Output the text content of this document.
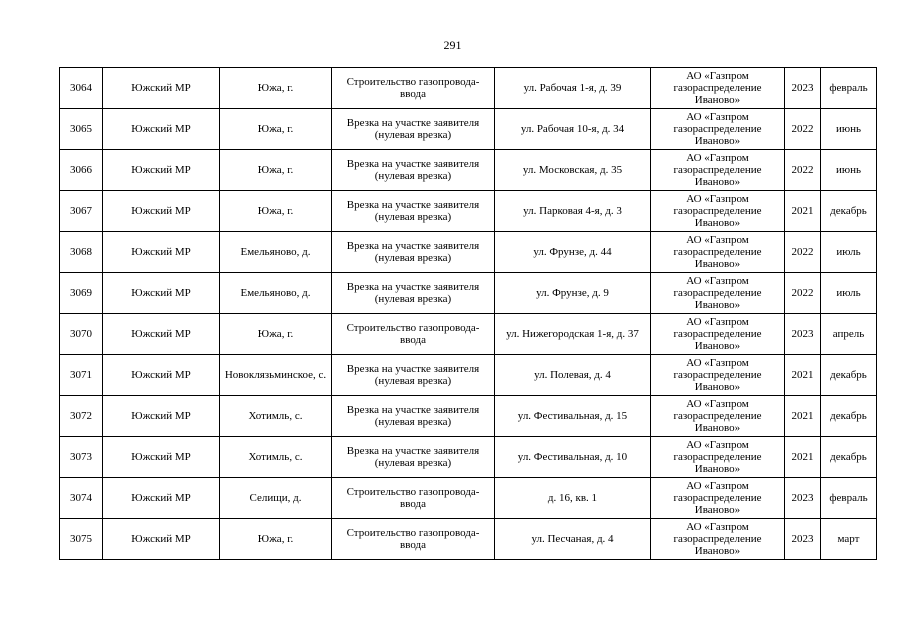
291
3064	Южский МР	Южа, г.	Строительство газопровода-ввода	ул. Рабочая 1-я, д. 39	АО «Газпром газораспределение Иваново»	2023	февраль
3065	Южский МР	Южа, г.	Врезка на участке заявителя (нулевая врезка)	ул. Рабочая 10-я, д. 34	АО «Газпром газораспределение Иваново»	2022	июнь
3066	Южский МР	Южа, г.	Врезка на участке заявителя (нулевая врезка)	ул. Московская, д. 35	АО «Газпром газораспределение Иваново»	2022	июнь
3067	Южский МР	Южа, г.	Врезка на участке заявителя (нулевая врезка)	ул. Парковая 4-я, д. 3	АО «Газпром газораспределение Иваново»	2021	декабрь
3068	Южский МР	Емельяново, д.	Врезка на участке заявителя (нулевая врезка)	ул. Фрунзе, д. 44	АО «Газпром газораспределение Иваново»	2022	июль
3069	Южский МР	Емельяново, д.	Врезка на участке заявителя (нулевая врезка)	ул. Фрунзе, д. 9	АО «Газпром газораспределение Иваново»	2022	июль
3070	Южский МР	Южа, г.	Строительство газопровода-ввода	ул. Нижегородская 1-я, д. 37	АО «Газпром газораспределение Иваново»	2023	апрель
3071	Южский МР	Новоклязьминское, с.	Врезка на участке заявителя (нулевая врезка)	ул. Полевая, д. 4	АО «Газпром газораспределение Иваново»	2021	декабрь
3072	Южский МР	Хотимль, с.	Врезка на участке заявителя (нулевая врезка)	ул. Фестивальная, д. 15	АО «Газпром газораспределение Иваново»	2021	декабрь
3073	Южский МР	Хотимль, с.	Врезка на участке заявителя (нулевая врезка)	ул. Фестивальная, д. 10	АО «Газпром газораспределение Иваново»	2021	декабрь
3074	Южский МР	Селищи, д.	Строительство газопровода-ввода	д. 16, кв. 1	АО «Газпром газораспределение Иваново»	2023	февраль
3075	Южский МР	Южа, г.	Строительство газопровода-ввода	ул. Песчаная, д. 4	АО «Газпром газораспределение Иваново»	2023	март
